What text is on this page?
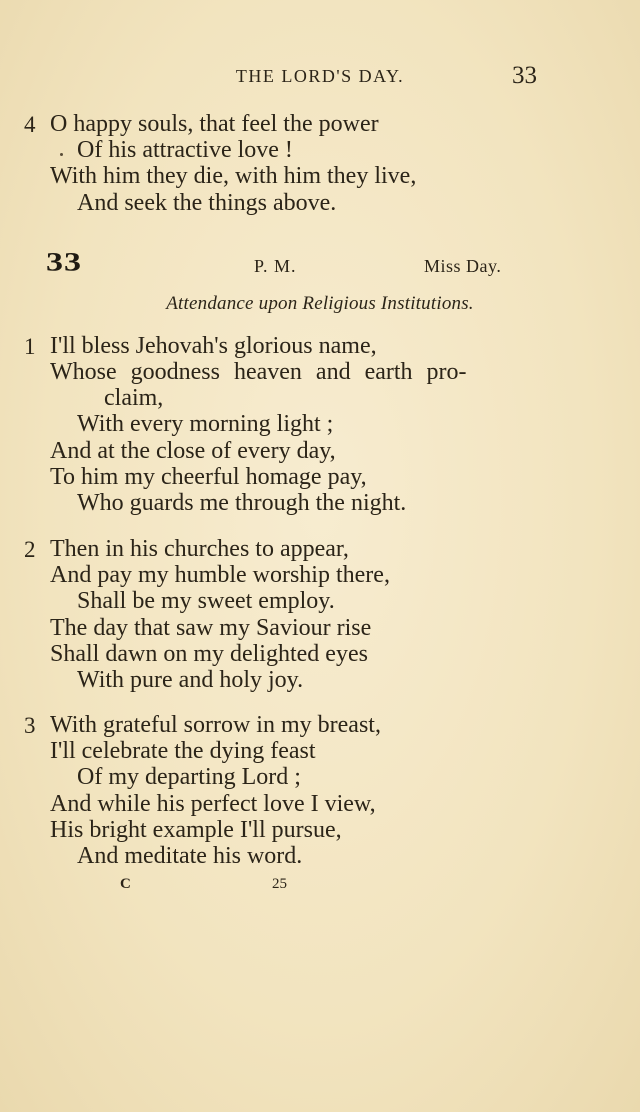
THE LORD'S DAY.	33
4 O happy souls, that feel the power
Of his attractive love !
With him they die, with him they live,
And seek the things above.
33	P. M.	Miss Day.
Attendance upon Religious Institutions.
1 I'll bless Jehovah's glorious name,
Whose goodness heaven and earth pro-
claim,
With every morning light ;
And at the close of every day,
To him my cheerful homage pay,
Who guards me through the night.
2 Then in his churches to appear,
And pay my humble worship there,
Shall be my sweet employ.
The day that saw my Saviour rise
Shall dawn on my delighted eyes
With pure and holy joy.
3 With grateful sorrow in my breast,
I'll celebrate the dying feast
Of my departing Lord ;
And while his perfect love I view,
His bright example I'll pursue,
And meditate his word.
C	25
